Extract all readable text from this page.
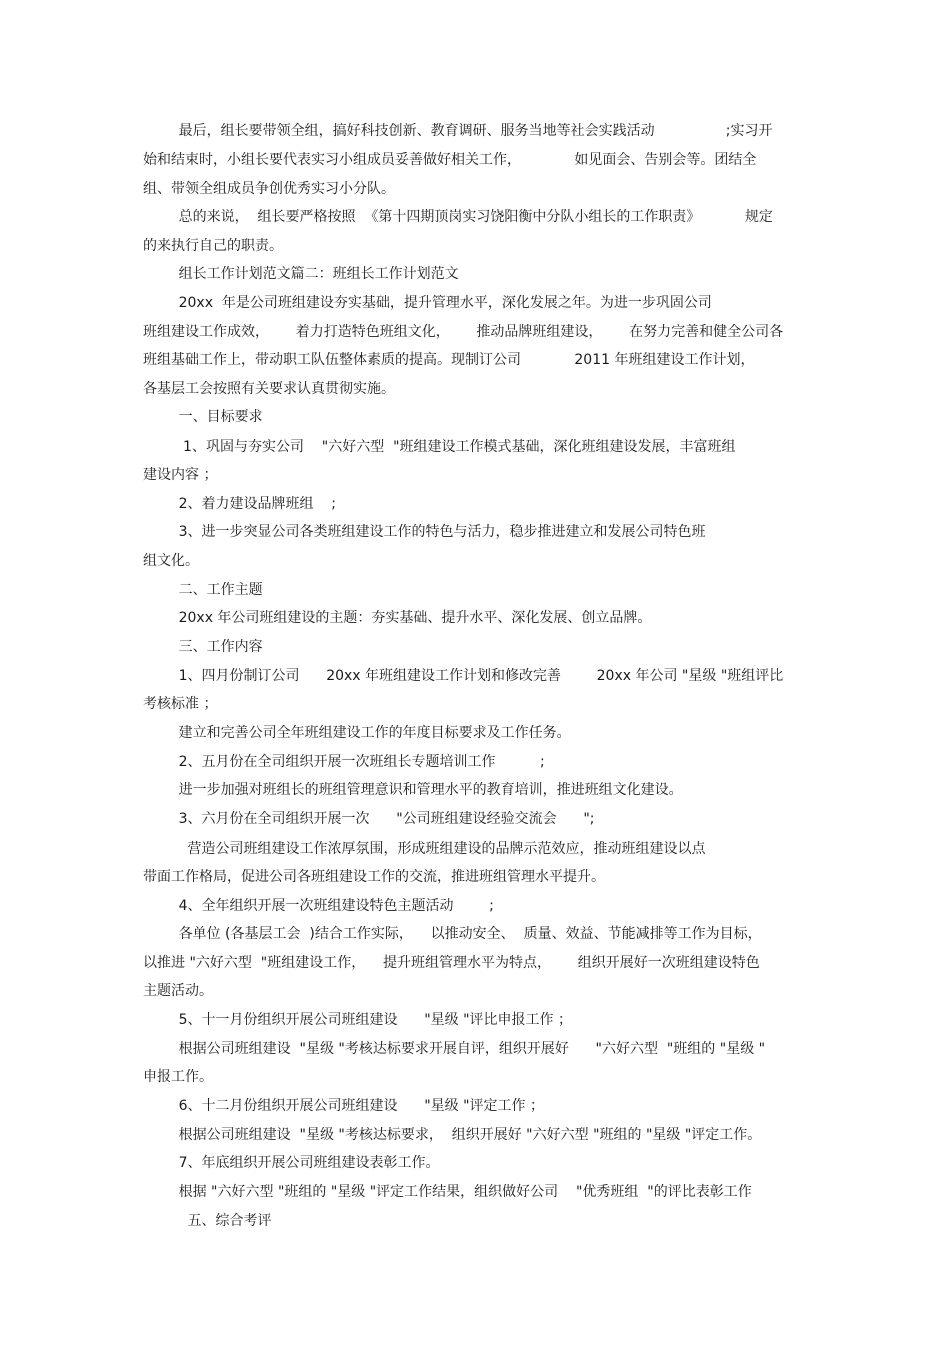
最后，组长要带领全组，搞好科技创新、教育调研、服务当地等社会实践活动                ;实习开
始和结束时，小组长要代表实习小组成员妥善做好相关工作，            如见面会、告别会等。团结全
组、带领全组成员争创优秀实习小分队。
总的来说，  组长要严格按照  《第十四期顶岗实习饶阳衡中分队小组长的工作职责》          规定
的来执行自己的职责。
组长工作计划范文篇二：班组长工作计划范文
20xx  年是公司班组建设夯实基础，提升管理水平，深化发展之年。为进一步巩固公司
班组建设工作成效，      着力打造特色班组文化，      推动品牌班组建设，      在努力完善和健全公司各
班组基础工作上，带动职工队伍整体素质的提高。现制订公司            2011 年班组建设工作计划，
各基层工会按照有关要求认真贯彻实施。
一、目标要求
1、巩固与夯实公司    "六好六型  "班组建设工作模式基础，深化班组建设发展，丰富班组
建设内容 ；
2、着力建设品牌班组    ;
3、进一步突显公司各类班组建设工作的特色与活力，稳步推进建立和发展公司特色班
组文化。
二、工作主题
20xx 年公司班组建设的主题：夯实基础、提升水平、深化发展、创立品牌。
三、工作内容
1、四月份制订公司      20xx 年班组建设工作计划和修改完善        20xx 年公司 "星级 "班组评比
考核标准 ；
建立和完善公司全年班组建设工作的年度目标要求及工作任务。
2、五月份在全司组织开展一次班组长专题培训工作          ;
进一步加强对班组长的班组管理意识和管理水平的教育培训，推进班组文化建设。
3、六月份在全司组织开展一次      "公司班组建设经验交流会      ";
营造公司班组建设工作浓厚氛围，形成班组建设的品牌示范效应，推动班组建设以点
带面工作格局，促进公司各班组建设工作的交流，推进班组管理水平提升。
4、全年组织开展一次班组建设特色主题活动        ;
各单位 (各基层工会  )结合工作实际，    以推动安全、  质量、效益、节能减排等工作为目标，
以推进 "六好六型  "班组建设工作，    提升班组管理水平为特点，      组织开展好一次班组建设特色
主题活动。
5、十一月份组织开展公司班组建设      "星级 "评比申报工作 ；
根据公司班组建设  "星级 "考核达标要求开展自评，组织开展好      "六好六型  "班组的 "星级 "
申报工作。
6、十二月份组织开展公司班组建设      "星级 "评定工作 ；
根据公司班组建设  "星级 "考核达标要求，  组织开展好 "六好六型 "班组的 "星级 "评定工作。
7、年底组织开展公司班组建设表彰工作。
根据 "六好六型 "班组的 "星级 "评定工作结果，组织做好公司    "优秀班组  "的评比表彰工作
五、综合考评
